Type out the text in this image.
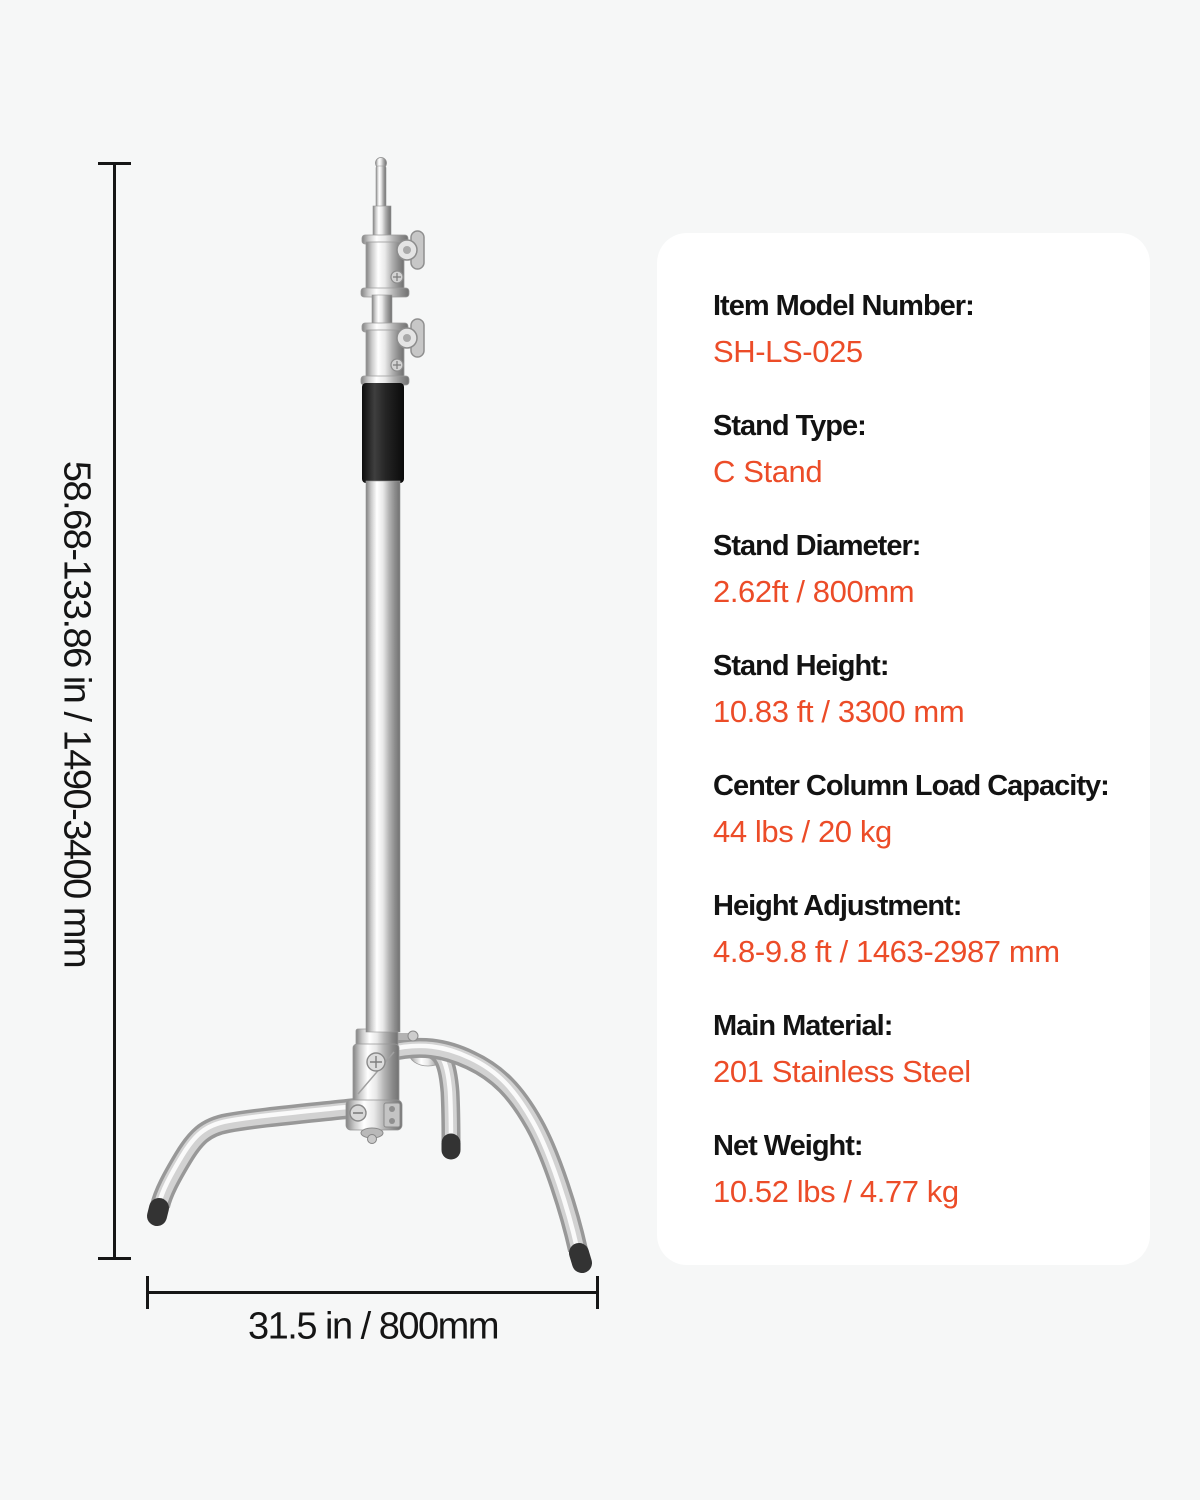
58.68-133.86 in / 1490-3400 mm
31.5 in / 800mm
Item Model Number:
SH-LS-025
Stand Type:
C Stand
Stand Diameter:
2.62ft / 800mm
Stand Height:
10.83 ft / 3300 mm
Center Column Load Capacity:
44 lbs / 20 kg
Height Adjustment:
4.8-9.8 ft / 1463-2987 mm
Main Material:
201 Stainless Steel
Net Weight:
10.52 lbs / 4.77 kg
